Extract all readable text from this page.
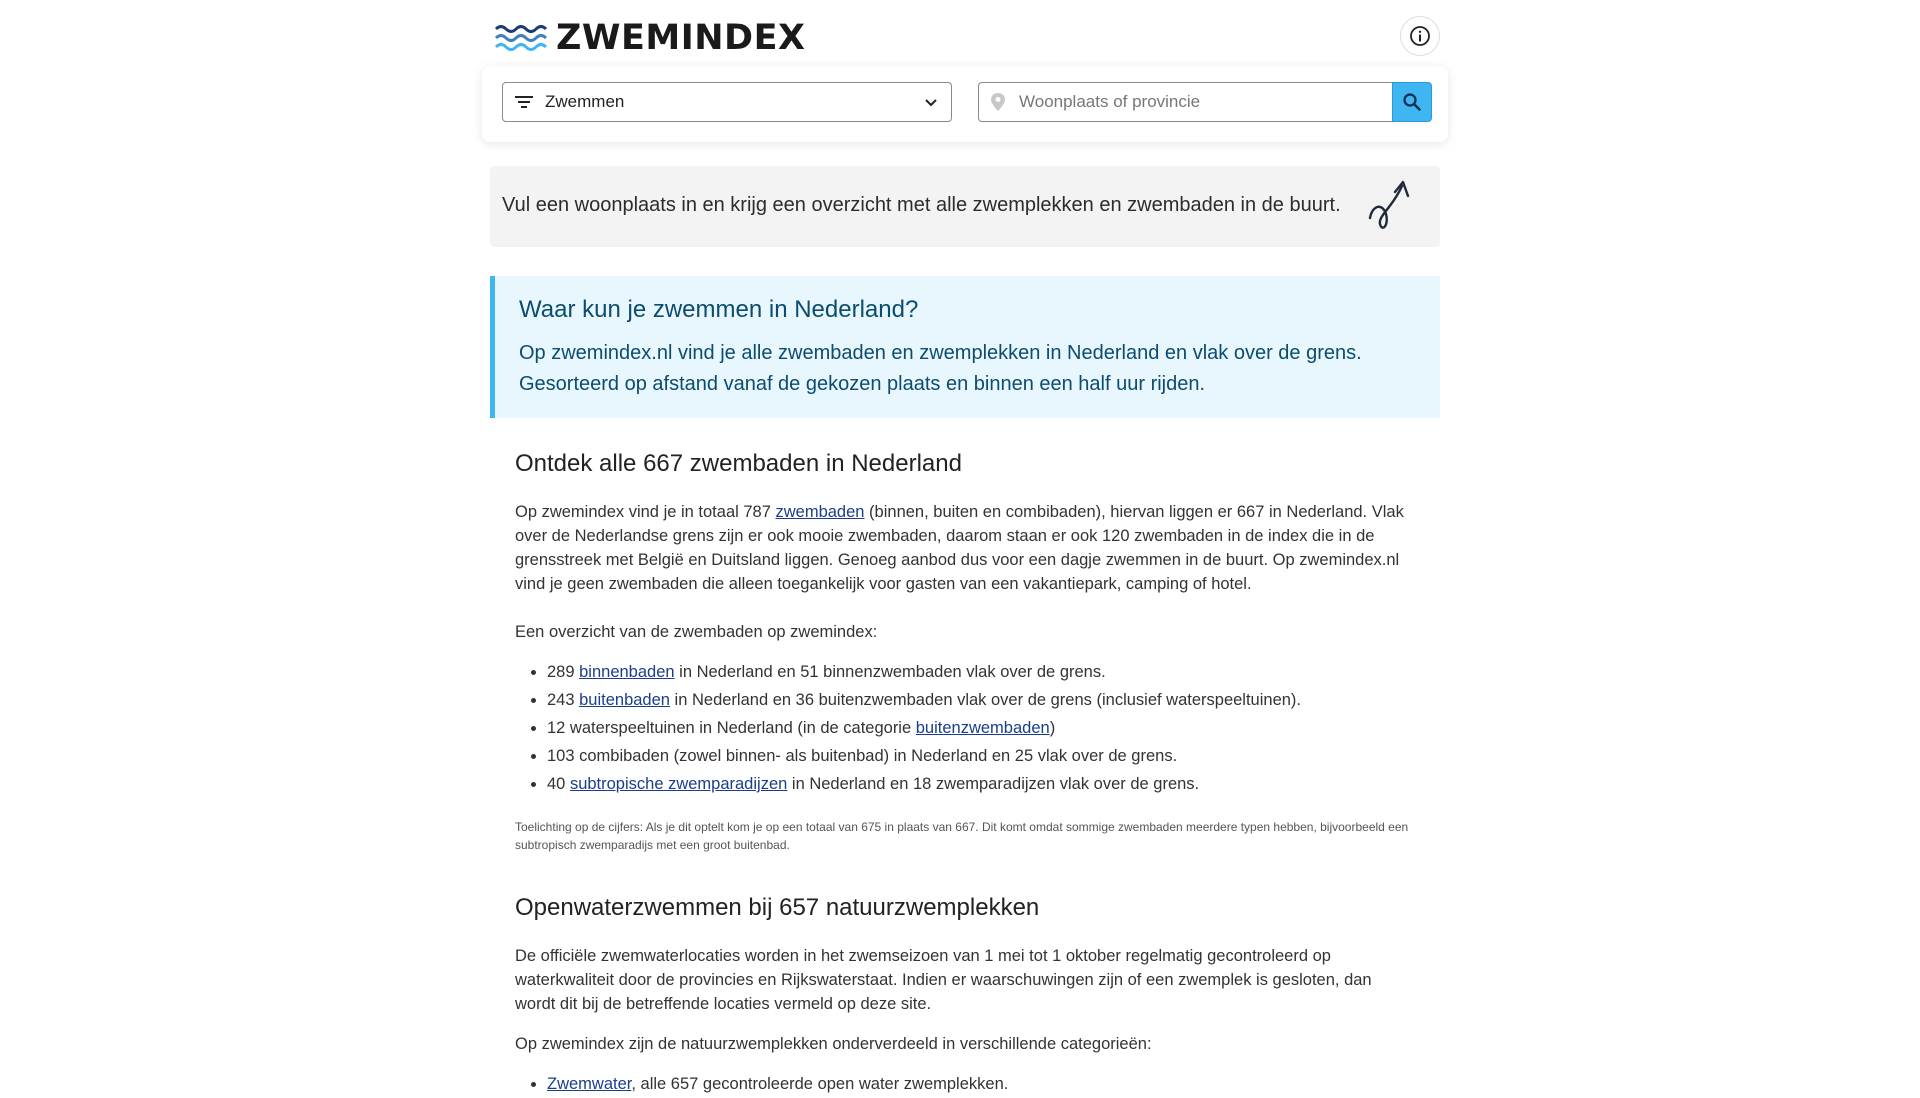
ZWEMINDEX
Zwemmen
Woonplaats of provincie
Vul een woonplaats in en krijg een overzicht met alle zwemplekken en zwembaden in de buurt.
Waar kun je zwemmen in Nederland?

Op zwemindex.nl vind je alle zwembaden en zwemplekken in Nederland en vlak over de grens.
Gesorteerd op afstand vanaf de gekozen plaats en binnen een half uur rijden.

Ontdek alle 667 zwembaden in Nederland

Op zwemindex vind je in totaal 787 zwembaden (binnen, buiten en combibaden), hiervan liggen er 667 in Nederland. Vlak over de Nederlandse grens zijn er ook mooie zwembaden, daarom staan er ook 120 zwembaden in de index die in de grensstreek met België en Duitsland liggen. Genoeg aanbod dus voor een dagje zwemmen in de buurt. Op zwemindex.nl vind je geen zwembaden die alleen toegankelijk voor gasten van een vakantiepark, camping of hotel.

Een overzicht van de zwembaden op zwemindex:

• 289 binnenbaden in Nederland en 51 binnenzwembaden vlak over de grens.
• 243 buitenbaden in Nederland en 36 buitenzwembaden vlak over de grens (inclusief waterspeeltuinen).
• 12 waterspeeltuinen in Nederland (in de categorie buitenzwembaden)
• 103 combibaden (zowel binnen- als buitenbad) in Nederland en 25 vlak over de grens.
• 40 subtropische zwemparadijzen in Nederland en 18 zwemparadijzen vlak over de grens.

Toelichting op de cijfers: Als je dit optelt kom je op een totaal van 675 in plaats van 667. Dit komt omdat sommige zwembaden meerdere typen hebben, bijvoorbeeld een subtropisch zwemparadijs met een groot buitenbad.

Openwaterzwemmen bij 657 natuurzwemplekken

De officiële zwemwaterlocaties worden in het zwemseizoen van 1 mei tot 1 oktober regelmatig gecontroleerd op waterkwaliteit door de provincies en Rijkswaterstaat. Indien er waarschuwingen zijn of een zwemplek is gesloten, dan wordt dit bij de betreffende locaties vermeld op deze site.

Op zwemindex zijn de natuurzwemplekken onderverdeeld in verschillende categorieën:

• Zwemwater, alle 657 gecontroleerde open water zwemplekken.
